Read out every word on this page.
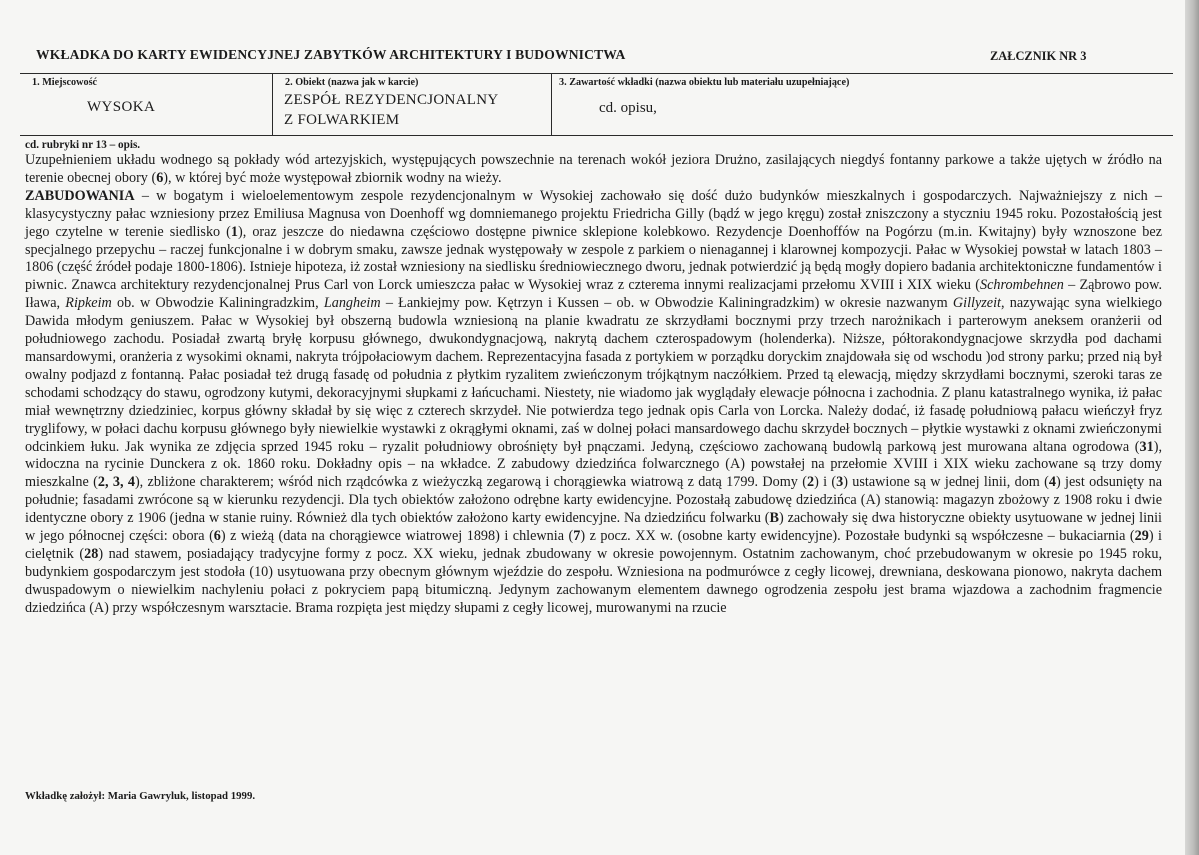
WKŁADKA DO KARTY EWIDENCYJNEJ ZABYTKÓW ARCHITEKTURY I BUDOWNICTWA	ZAŁCZNIK NR 3
1. Miejscowość
WYSOKA
2. Obiekt (nazwa jak w karcie)
ZESPÓŁ REZYDENCJONALNY
Z FOLWARKIEM
3. Zawartość wkładki (nazwa obiektu lub materiału uzupełniające)
cd. opisu,
cd. rubryki nr 13 – opis.

Uzupełnieniem układu wodnego są pokłady wód artezyjskich, występujących powszechnie na terenach wokół jeziora Drużno, zasilających niegdyś fontanny parkowe a także ujętych w źródło na terenie obecnej obory (6), w której być może występował zbiornik wodny na wieży.

ZABUDOWANIA – w bogatym i wieloelementowym zespole rezydencjonalnym w Wysokiej zachowało się dość dużo budynków mieszkalnych i gospodarczych. Najważniejszy z nich – klasycystyczny pałac wzniesiony przez Emiliusa Magnusa von Doenhoff wg domniemanego projektu Friedricha Gilly (bądź w jego kręgu) został zniszczony a styczniu 1945 roku. Pozostałością jest jego czytelne w terenie siedlisko (1), oraz jeszcze do niedawna częściowo dostępne piwnice sklepione kolebkowo. Rezydencje Doenhoffów na Pogórzu (m.in. Kwitajny) były wznoszone bez specjalnego przepychu – raczej funkcjonalne i w dobrym smaku, zawsze jednak występowały w zespole z parkiem o nienagannej i klarownej kompozycji. Pałac w Wysokiej powstał w latach 1803 – 1806 (część źródeł podaje 1800-1806). Istnieje hipoteza, iż został wzniesiony na siedlisku średniowiecznego dworu, jednak potwierdzić ją będą mogły dopiero badania architektoniczne fundamentów i piwnic. Znawca architektury rezydencjonalnej Prus Carl von Lorck umieszcza pałac w Wysokiej wraz z czterema innymi realizacjami przełomu XVIII i XIX wieku (Schrombehnen – Ząbrowo pow. Iława, Ripkeim ob. w Obwodzie Kaliningradzkim, Langheim – Łankiejmy pow. Kętrzyn i Kussen – ob. w Obwodzie Kaliningradzkim) w okresie nazwanym Gillyzeit, nazywając syna wielkiego Dawida młodym geniuszem. Pałac w Wysokiej był obszerną budowla wzniesioną na planie kwadratu ze skrzydłami bocznymi przy trzech narożnikach i parterowym aneksem oranżerii od południowego zachodu. Posiadał zwartą bryłę korpusu głównego, dwukondygnacjową, nakrytą dachem czterospadowym (holenderka). Niższe, półtorakondygnacjowe skrzydła pod dachami mansardowymi, oranżeria z wysokimi oknami, nakryta trójpołaciowym dachem. Reprezentacyjna fasada z portykiem w porządku doryckim znajdowała się od wschodu )od strony parku; przed nią był owalny podjazd z fontanną. Pałac posiadał też drugą fasadę od południa z płytkim ryzalitem zwieńczonym trójkątnym naczółkiem. Przed tą elewacją, między skrzydłami bocznymi, szeroki taras ze schodami schodzący do stawu, ogrodzony kutymi, dekoracyjnymi słupkami z łańcuchami. Niestety, nie wiadomo jak wyglądały elewacje północna i zachodnia. Z planu katastralnego wynika, iż pałac miał wewnętrzny dziedziniec, korpus główny składał by się więc z czterech skrzydeł. Nie potwierdza tego jednak opis Carla von Lorcka. Należy dodać, iż fasadę południową pałacu wieńczył fryz tryglifowy, w połaci dachu korpusu głównego były niewielkie wystawki z okrągłymi oknami, zaś w dolnej połaci mansardowego dachu skrzydeł bocznych – płytkie wystawki z oknami zwieńczonymi odcinkiem łuku. Jak wynika ze zdjęcia sprzed 1945 roku – ryzalit południowy obrośnięty był pnączami. Jedyną, częściowo zachowaną budowlą parkową jest murowana altana ogrodowa (31), widoczna na rycinie Dunckera z ok. 1860 roku. Dokładny opis – na wkładce. Z zabudowy dziedzińca folwarcznego (A) powstałej na przełomie XVIII i XIX wieku zachowane są trzy domy mieszkalne (2, 3, 4), zbliżone charakterem; wśród nich rządcówka z wieżyczką zegarową i chorągiewka wiatrową z datą 1799. Domy (2) i (3) ustawione są w jednej linii, dom (4) jest odsunięty na południe; fasadami zwrócone są w kierunku rezydencji. Dla tych obiektów założono odrębne karty ewidencyjne. Pozostałą zabudowę dziedzińca (A) stanowią: magazyn zbożowy z 1908 roku i dwie identyczne obory z 1906 (jedna w stanie ruiny. Również dla tych obiektów założono karty ewidencyjne. Na dziedzińcu folwarku (B) zachowały się dwa historyczne obiekty usytuowane w jednej linii w jego północnej części: obora (6) z wieżą (data na chorągiewce wiatrowej 1898) i chlewnia (7) z pocz. XX w. (osobne karty ewidencyjne). Pozostałe budynki są współczesne – bukaciarnia (29) i cielętnik (28) nad stawem, posiadający tradycyjne formy z pocz. XX wieku, jednak zbudowany w okresie powojennym. Ostatnim zachowanym, choć przebudowanym w okresie po 1945 roku, budynkiem gospodarczym jest stodoła (10) usytuowana przy obecnym głównym wjeździe do zespołu. Wzniesiona na podmurówce z cegły licowej, drewniana, deskowana pionowo, nakryta dachem dwuspadowym o niewielkim nachyleniu połaci z pokryciem papą bitumiczną. Jedynym zachowanym elementem dawnego ogrodzenia zespołu jest brama wjazdowa a zachodnim fragmencie dziedzińca (A) przy współczesnym warsztacie. Brama rozpięta jest między słupami z cegły licowej, murowanymi na rzucie

Wkładkę założył: Maria Gawryluk, listopad 1999.
